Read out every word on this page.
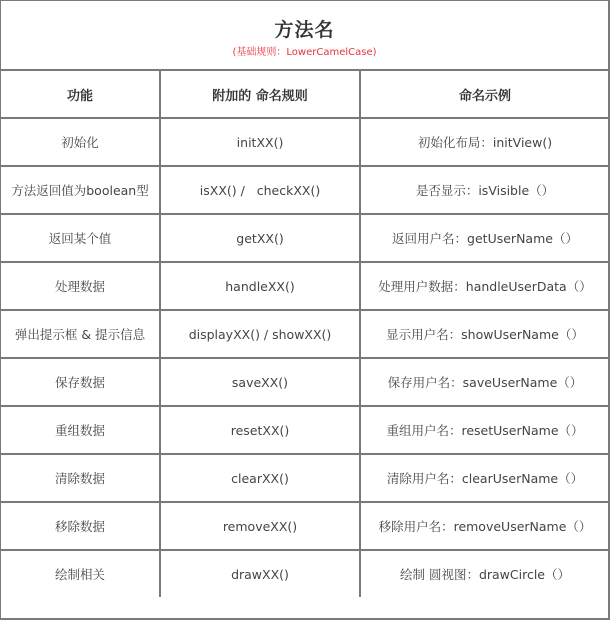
方法名
(基础规则：LowerCamelCase)
功能	附加的 命名规则	命名示例
初始化	initXX()	初始化布局：initView()
方法返回值为boolean型	isXX() /   checkXX()	是否显示：isVisible（）
返回某个值	getXX()	返回用户名：getUserName（）
处理数据	handleXX()	处理用户数据：handleUserData（）
弹出提示框 & 提示信息	displayXX() / showXX()	显示用户名：showUserName（）
保存数据	saveXX()	保存用户名：saveUserName（）
重组数据	resetXX()	重组用户名：resetUserName（）
清除数据	clearXX()	清除用户名：clearUserName（）
移除数据	removeXX()	移除用户名：removeUserName（）
绘制相关	drawXX()	绘制 圆视图：drawCircle（）
